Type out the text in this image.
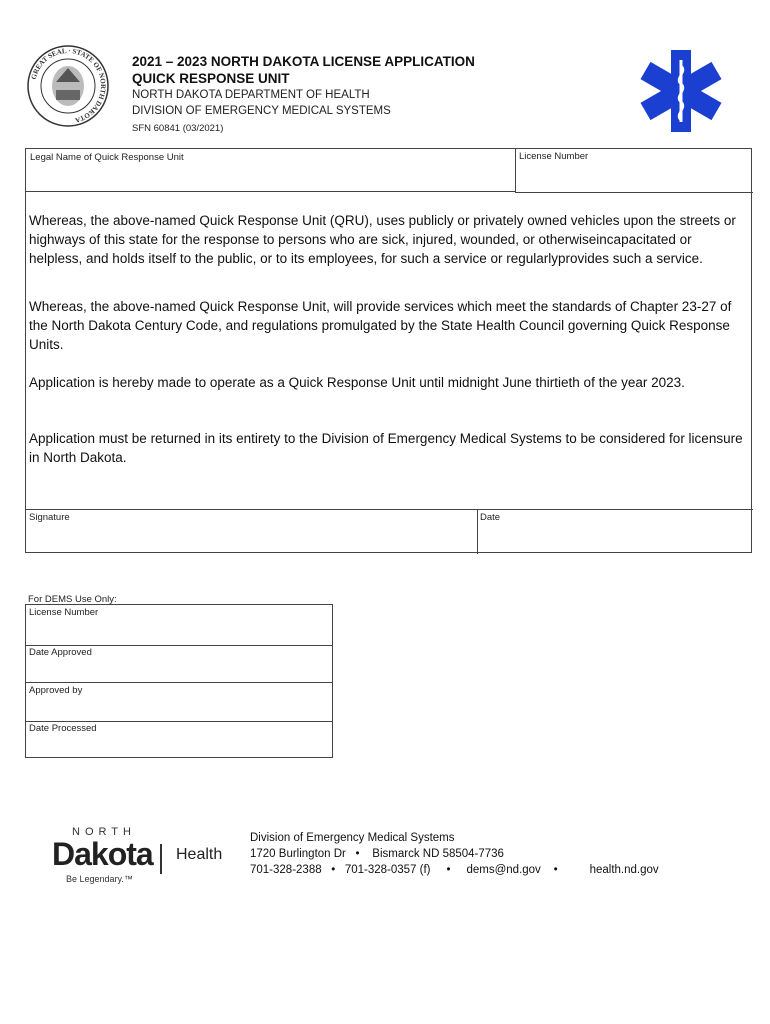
GREAT SEAL · STATE OF NORTH DAKOTA
2021 – 2023 NORTH DAKOTA LICENSE APPLICATION
QUICK RESPONSE UNIT
NORTH DAKOTA DEPARTMENT OF HEALTH
DIVISION OF EMERGENCY MEDICAL SYSTEMS
SFN 60841 (03/2021)
Legal Name of Quick Response Unit	License Number
Whereas, the above-named Quick Response Unit (QRU), uses publicly or privately owned vehicles upon the streets or highways of this state for the response to persons who are sick, injured, wounded, or otherwiseincapacitated or helpless, and holds itself to the public, or to its employees, for such a service or regularlyprovides such a service.
Whereas, the above-named Quick Response Unit, will provide services which meet the standards of Chapter 23-27 of the North Dakota Century Code, and regulations promulgated by the State Health Council governing Quick Response Units.
Application is hereby made to operate as a Quick Response Unit until midnight June thirtieth of the year 2023.
Application must be returned in its entirety to the Division of Emergency Medical Systems to be considered for licensure in North Dakota.
Signature	Date
For DEMS Use Only:
License Number
Date Approved
Approved by
Date Processed
NORTH
Dakota Health
Be Legendary.™
Division of Emergency Medical Systems
1720 Burlington Dr   •    Bismarck ND 58504-7736
701-328-2388   •   701-328-0357 (f)     •     dems@nd.gov    •          health.nd.gov
